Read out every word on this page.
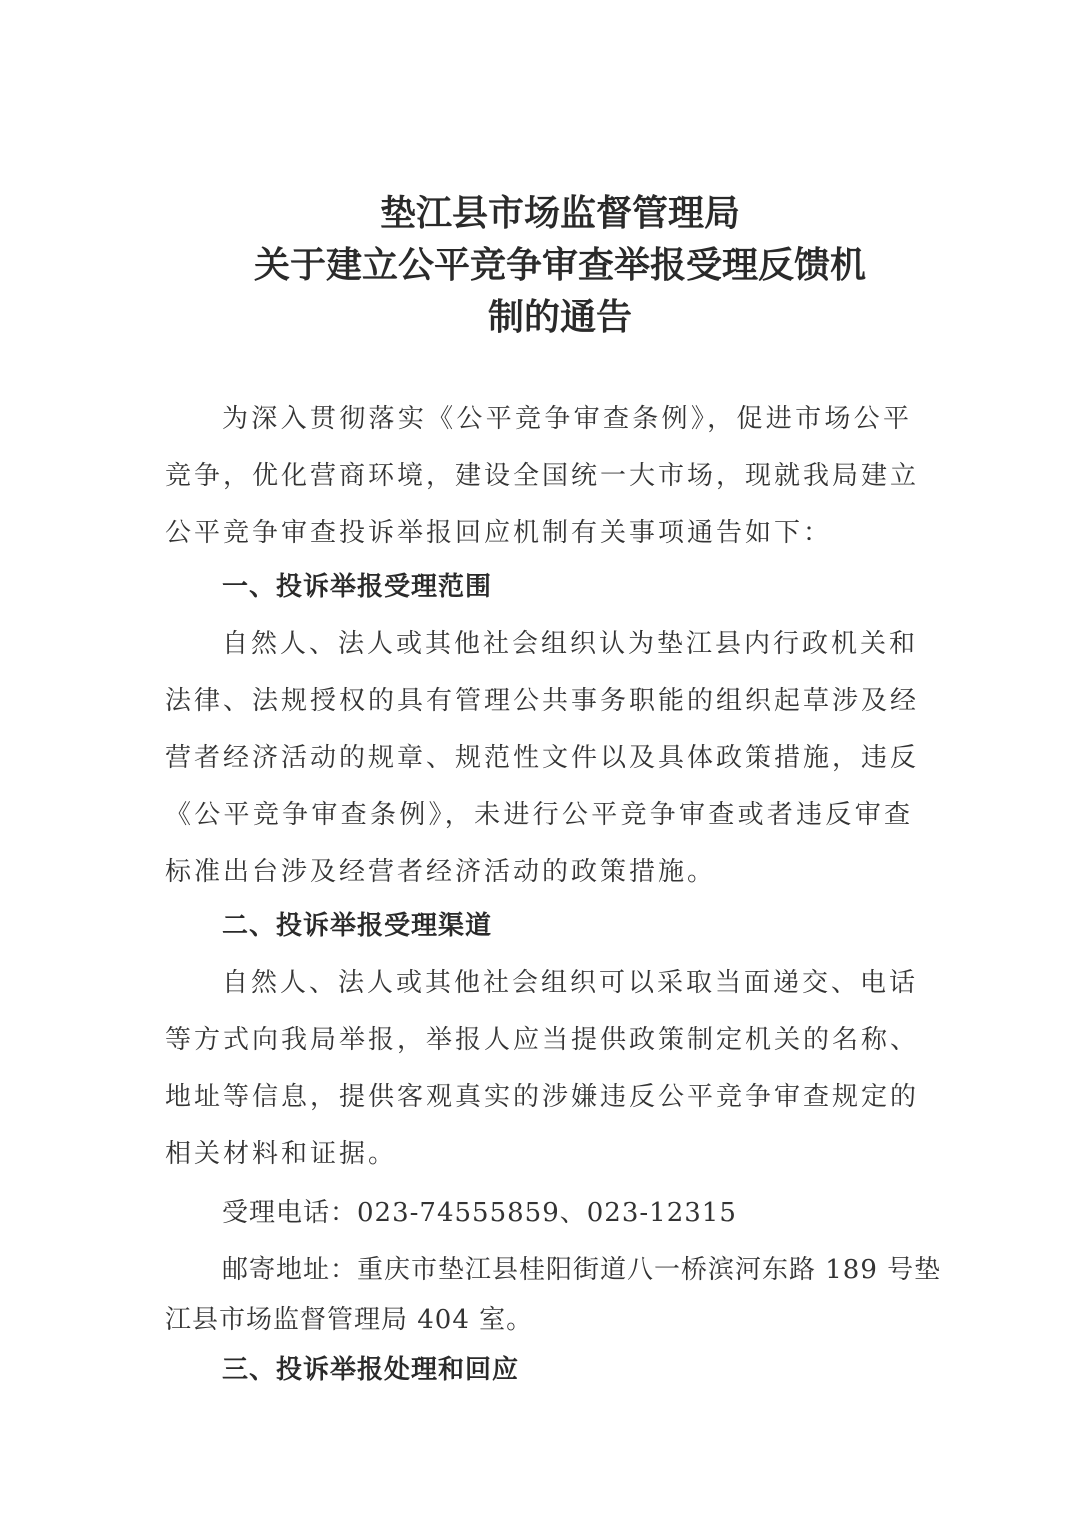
垫江县市场监督管理局
关于建立公平竞争审查举报受理反馈机
制的通告
为深入贯彻落实《公平竞争审查条例》，促进市场公平
竞争，优化营商环境，建设全国统一大市场，现就我局建立
公平竞争审查投诉举报回应机制有关事项通告如下：
一、投诉举报受理范围
自然人、法人或其他社会组织认为垫江县内行政机关和
法律、法规授权的具有管理公共事务职能的组织起草涉及经
营者经济活动的规章、规范性文件以及具体政策措施，违反
《公平竞争审查条例》，未进行公平竞争审查或者违反审查
标准出台涉及经营者经济活动的政策措施。
二、投诉举报受理渠道
自然人、法人或其他社会组织可以采取当面递交、电话
等方式向我局举报，举报人应当提供政策制定机关的名称、
地址等信息，提供客观真实的涉嫌违反公平竞争审查规定的
相关材料和证据。
受理电话：023-74555859、023-12315
邮寄地址：重庆市垫江县桂阳街道八一桥滨河东路 189 号垫
江县市场监督管理局 404 室。
三、投诉举报处理和回应
